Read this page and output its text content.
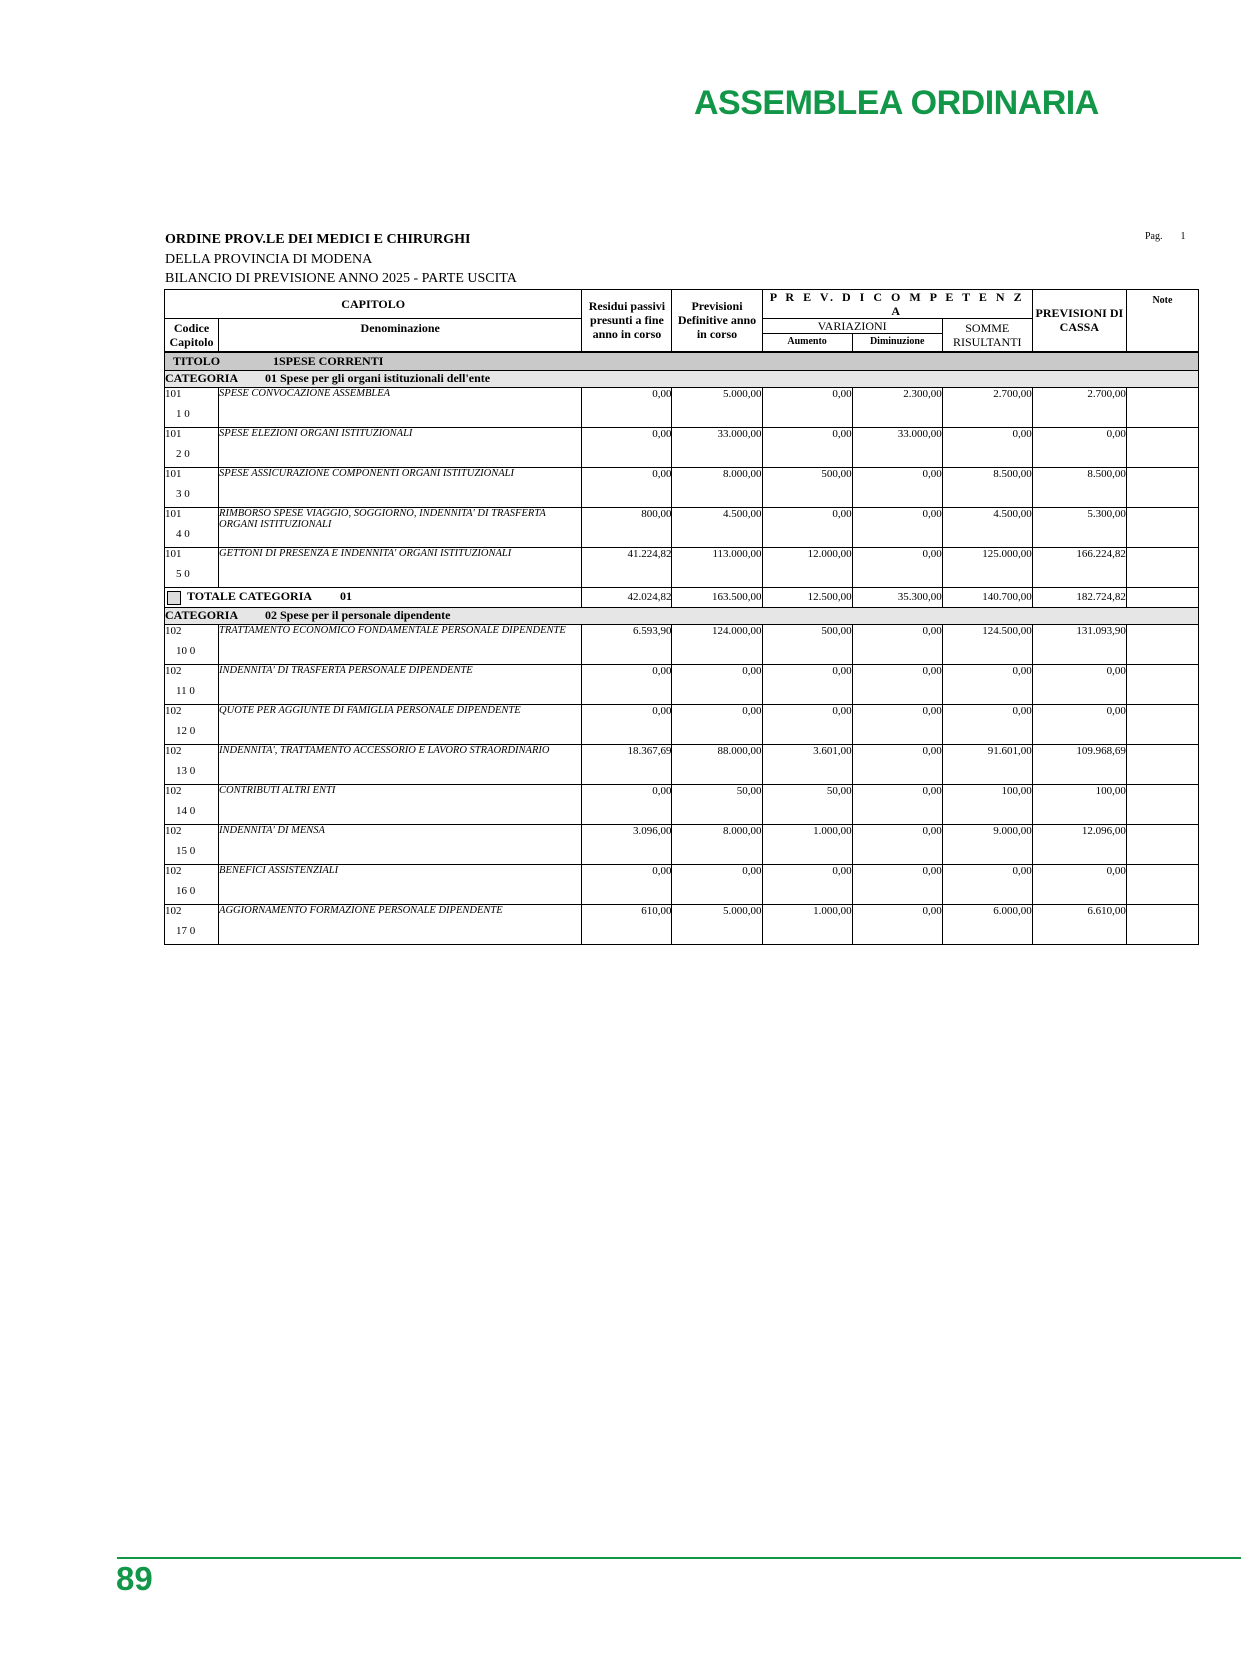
ASSEMBLEA ORDINARIA
ORDINE PROV.LE DEI MEDICI E CHIRURGHI
DELLA PROVINCIA DI MODENA
BILANCIO DI PREVISIONE ANNO 2025 - PARTE USCITA
Pag. 1
CAPITOLO		Residui passivi presunti a fine anno in corso	Previsioni Definitive anno in corso	P R E V. D I C O M P E T E N Z A			PREVISIONI DI CASSA	Note
Codice Capitolo	Denominazione			VARIAZIONI		SOMME RISULTANTI		
				Aumento	Diminuzione			
TITOLO 1SPESE CORRENTI								
CATEGORIA 01 Spese per gli organi istituzionali dell'ente								
101
1 0	SPESE CONVOCAZIONE ASSEMBLEA	0,00	5.000,00	0,00	2.300,00	2.700,00	2.700,00	
101
2 0	SPESE ELEZIONI ORGANI ISTITUZIONALI	0,00	33.000,00	0,00	33.000,00	0,00	0,00	
101
3 0	SPESE ASSICURAZIONE COMPONENTI ORGANI ISTITUZIONALI	0,00	8.000,00	500,00	0,00	8.500,00	8.500,00	
101
4 0	RIMBORSO SPESE VIAGGIO, SOGGIORNO, INDENNITA' DI TRASFERTA ORGANI ISTITUZIONALI	800,00	4.500,00	0,00	0,00	4.500,00	5.300,00	
101
5 0	GETTONI DI PRESENZA E INDENNITA' ORGANI ISTITUZIONALI	41.224,82	113.000,00	12.000,00	0,00	125.000,00	166.224,82	
TOTALE CATEGORIA 01		42.024,82	163.500,00	12.500,00	35.300,00	140.700,00	182.724,82	
CATEGORIA 02 Spese per il personale dipendente								
102
10 0	TRATTAMENTO ECONOMICO FONDAMENTALE PERSONALE DIPENDENTE	6.593,90	124.000,00	500,00	0,00	124.500,00	131.093,90	
102
11 0	INDENNITA' DI TRASFERTA PERSONALE DIPENDENTE	0,00	0,00	0,00	0,00	0,00	0,00	
102
12 0	QUOTE PER AGGIUNTE DI FAMIGLIA PERSONALE DIPENDENTE	0,00	0,00	0,00	0,00	0,00	0,00	
102
13 0	INDENNITA', TRATTAMENTO ACCESSORIO E LAVORO STRAORDINARIO	18.367,69	88.000,00	3.601,00	0,00	91.601,00	109.968,69	
102
14 0	CONTRIBUTI ALTRI ENTI	0,00	50,00	50,00	0,00	100,00	100,00	
102
15 0	INDENNITA' DI MENSA	3.096,00	8.000,00	1.000,00	0,00	9.000,00	12.096,00	
102
16 0	BENEFICI ASSISTENZIALI	0,00	0,00	0,00	0,00	0,00	0,00	
102
17 0	AGGIORNAMENTO FORMAZIONE PERSONALE DIPENDENTE	610,00	5.000,00	1.000,00	0,00	6.000,00	6.610,00	
89
